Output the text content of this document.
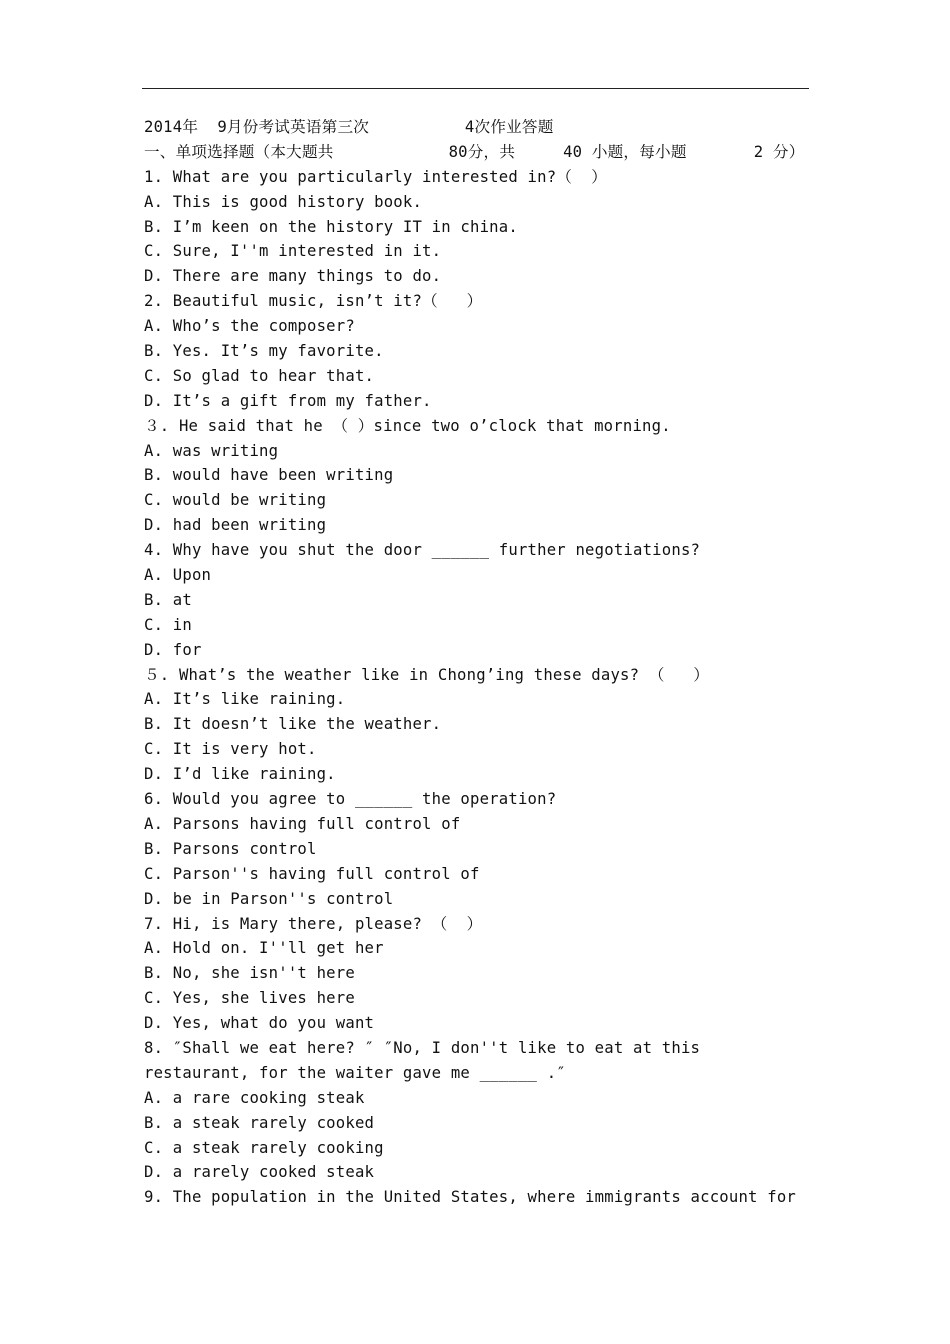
2014年  9月份考试英语第三次          4次作业答题
一、单项选择题（本大题共            80分，共     40 小题，每小题       2 分）
1. What are you particularly interested in?（  ）
A. This is good history book.
B. I’m keen on the history IT in china.
C. Sure, I''m interested in it.
D. There are many things to do.
2. Beautiful music, isn’t it?（   ）
A. Who’s the composer?
B. Yes. It’s my favorite.
C. So glad to hear that.
D. It’s a gift from my father.
３. He said that he （ ）since two o’clock that morning.
A. was writing
B. would have been writing
C. would be writing
D. had been writing
4. Why have you shut the door ______ further negotiations?
A. Upon
B. at
C. in
D. for
５. What’s the weather like in Chong’ing these days? （   ）
A. It’s like raining.
B. It doesn’t like the weather.
C. It is very hot.
D. I’d like raining.
6. Would you agree to ______ the operation?
A. Parsons having full control of
B. Parsons control
C. Parson''s having full control of
D. be in Parson''s control
7. Hi, is Mary there, please? （  ）
A. Hold on. I''ll get her
B. No, she isn''t here
C. Yes, she lives here
D. Yes, what do you want
8. ″Shall we eat here? ″ ″No, I don''t like to eat at this restaurant, for the waiter gave me ______ .″
A. a rare cooking steak
B. a steak rarely cooked
C. a steak rarely cooking
D. a rarely cooked steak
9. The population in the United States, where immigrants account for
